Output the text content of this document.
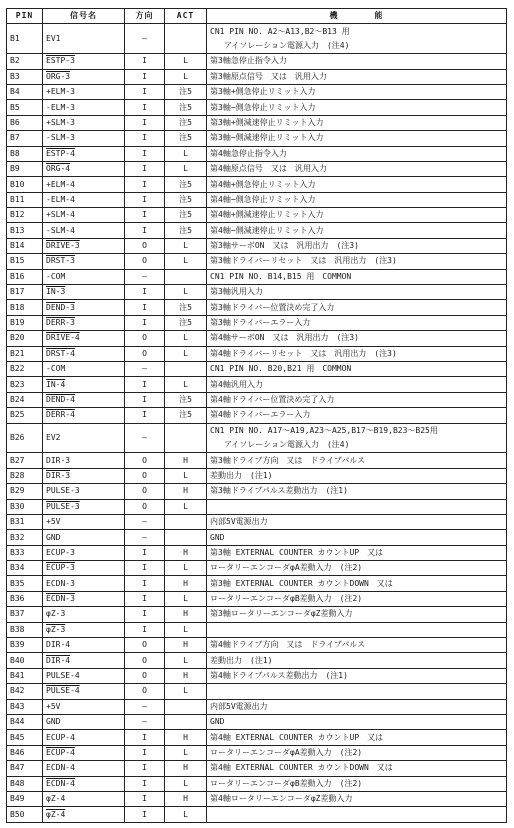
PIN	信号名	方向	ACT	機　　　　能
B1	EV1	—		CN1 PIN NO. A2〜A13,B2〜B13 用
アイソレーション電源入力　(注4)

B2	ESTP-3	I	L	第3軸急停止指令入力

B3	ORG-3	I	L	第3軸原点信号　又は　汎用入力

B4	+ELM-3	I	注5	第3軸+側急停止リミット入力

B5	-ELM-3	I	注5	第3軸−側急停止リミット入力

B6	+SLM-3	I	注5	第3軸+側減速停止リミット入力

B7	-SLM-3	I	注5	第3軸−側減速停止リミット入力

B8	ESTP-4	I	L	第4軸急停止指令入力

B9	ORG-4	I	L	第4軸原点信号　又は　汎用入力

B10	+ELM-4	I	注5	第4軸+側急停止リミット入力

B11	-ELM-4	I	注5	第4軸−側急停止リミット入力

B12	+SLM-4	I	注5	第4軸+側減速停止リミット入力

B13	-SLM-4	I	注5	第4軸−側減速停止リミット入力

B14	DRIVE-3	O	L	第3軸サーボON　又は　汎用出力　(注3)

B15	DRST-3	O	L	第3軸ドライバーリセット　又は　汎用出力　(注3)

B16	-COM	—		CN1 PIN NO. B14,B15 用　COMMON

B17	IN-3	I	L	第3軸汎用入力

B18	DEND-3	I	注5	第3軸ドライバー位置決め完了入力

B19	DERR-3	I	注5	第3軸ドライバーエラー入力

B20	DRIVE-4	O	L	第4軸サーボON　又は　汎用出力　(注3)

B21	DRST-4	O	L	第4軸ドライバーリセット　又は　汎用出力　(注3)

B22	-COM	—		CN1 PIN NO. B20,B21 用　COMMON

B23	IN-4	I	L	第4軸汎用入力

B24	DEND-4	I	注5	第4軸ドライバー位置決め完了入力

B25	DERR-4	I	注5	第4軸ドライバーエラー入力

B26	EV2	—		CN1 PIN NO. A17〜A19,A23〜A25,B17〜B19,B23〜B25用
アイソレーション電源入力　(注4)

B27	DIR-3	O	H	第3軸ドライブ方向　又は　ドライブパルス

B28	DIR-3	O	L	差動出力　(注1)

B29	PULSE-3	O	H	第3軸ドライブパルス差動出力　(注1)

B30	PULSE-3	O	L	

B31	+5V	—		内部5V電源出力

B32	GND	—		GND

B33	ECUP-3	I	H	第3軸 EXTERNAL COUNTER カウントUP　又は

B34	ECUP-3	I	L	ロータリーエンコーダφA差動入力　(注2)

B35	ECDN-3	I	H	第3軸 EXTERNAL COUNTER カウントDOWN　又は

B36	ECDN-3	I	L	ロータリーエンコーダφB差動入力　(注2)

B37	φZ-3	I	H	第3軸ロータリーエンコーダφZ差動入力

B38	φZ-3	I	L	

B39	DIR-4	O	H	第4軸ドライブ方向　又は　ドライブパルス

B40	DIR-4	O	L	差動出力　(注1)

B41	PULSE-4	O	H	第4軸ドライブパルス差動出力　(注1)

B42	PULSE-4	O	L	

B43	+5V	—		内部5V電源出力

B44	GND	—		GND

B45	ECUP-4	I	H	第4軸 EXTERNAL COUNTER カウントUP　又は

B46	ECUP-4	I	L	ロータリーエンコーダφA差動入力　(注2)

B47	ECDN-4	I	H	第4軸 EXTERNAL COUNTER カウントDOWN　又は

B48	ECDN-4	I	L	ロータリーエンコーダφB差動入力　(注2)

B49	φZ-4	I	H	第4軸ロータリーエンコーダφZ差動入力

B50	φZ-4	I	L	
